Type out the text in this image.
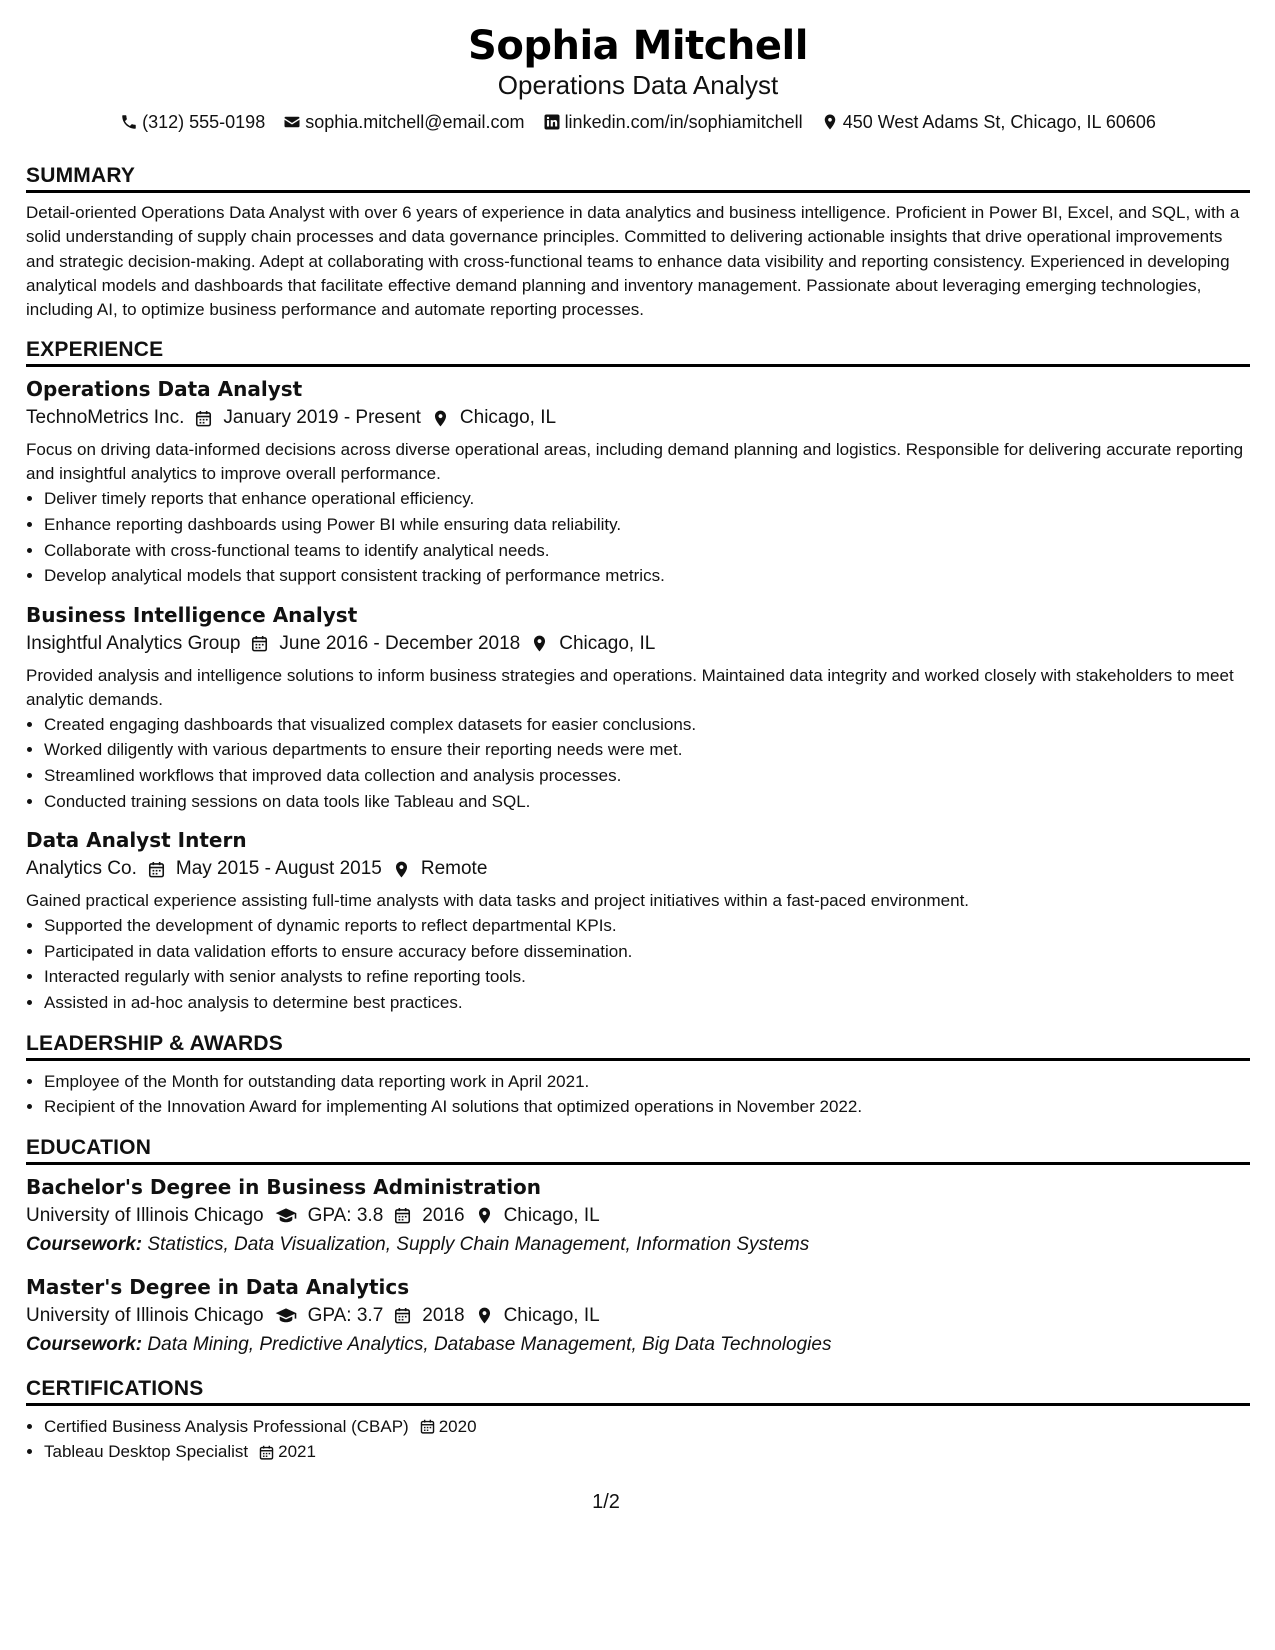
Sophia Mitchell
Operations Data Analyst
(312) 555-0198 sophia.mitchell@email.com linkedin.com/in/sophiamitchell 450 West Adams St, Chicago, IL 60606
SUMMARY
Detail-oriented Operations Data Analyst with over 6 years of experience in data analytics and business intelligence. Proficient in Power BI, Excel, and SQL, with a solid understanding of supply chain processes and data governance principles. Committed to delivering actionable insights that drive operational improvements and strategic decision-making. Adept at collaborating with cross-functional teams to enhance data visibility and reporting consistency. Experienced in developing analytical models and dashboards that facilitate effective demand planning and inventory management. Passionate about leveraging emerging technologies, including AI, to optimize business performance and automate reporting processes.
EXPERIENCE
Operations Data Analyst
TechnoMetrics Inc. January 2019 - Present Chicago, IL
Focus on driving data-informed decisions across diverse operational areas, including demand planning and logistics. Responsible for delivering accurate reporting and insightful analytics to improve overall performance.
• Deliver timely reports that enhance operational efficiency.
• Enhance reporting dashboards using Power BI while ensuring data reliability.
• Collaborate with cross-functional teams to identify analytical needs.
• Develop analytical models that support consistent tracking of performance metrics.
Business Intelligence Analyst
Insightful Analytics Group June 2016 - December 2018 Chicago, IL
Provided analysis and intelligence solutions to inform business strategies and operations. Maintained data integrity and worked closely with stakeholders to meet analytic demands.
• Created engaging dashboards that visualized complex datasets for easier conclusions.
• Worked diligently with various departments to ensure their reporting needs were met.
• Streamlined workflows that improved data collection and analysis processes.
• Conducted training sessions on data tools like Tableau and SQL.
Data Analyst Intern
Analytics Co. May 2015 - August 2015 Remote
Gained practical experience assisting full-time analysts with data tasks and project initiatives within a fast-paced environment.
• Supported the development of dynamic reports to reflect departmental KPIs.
• Participated in data validation efforts to ensure accuracy before dissemination.
• Interacted regularly with senior analysts to refine reporting tools.
• Assisted in ad-hoc analysis to determine best practices.
LEADERSHIP & AWARDS
• Employee of the Month for outstanding data reporting work in April 2021.
• Recipient of the Innovation Award for implementing AI solutions that optimized operations in November 2022.
EDUCATION
Bachelor's Degree in Business Administration
University of Illinois Chicago GPA: 3.8 2016 Chicago, IL
Coursework: Statistics, Data Visualization, Supply Chain Management, Information Systems
Master's Degree in Data Analytics
University of Illinois Chicago GPA: 3.7 2018 Chicago, IL
Coursework: Data Mining, Predictive Analytics, Database Management, Big Data Technologies
CERTIFICATIONS
• Certified Business Analysis Professional (CBAP) 2020
• Tableau Desktop Specialist 2021
1/2
